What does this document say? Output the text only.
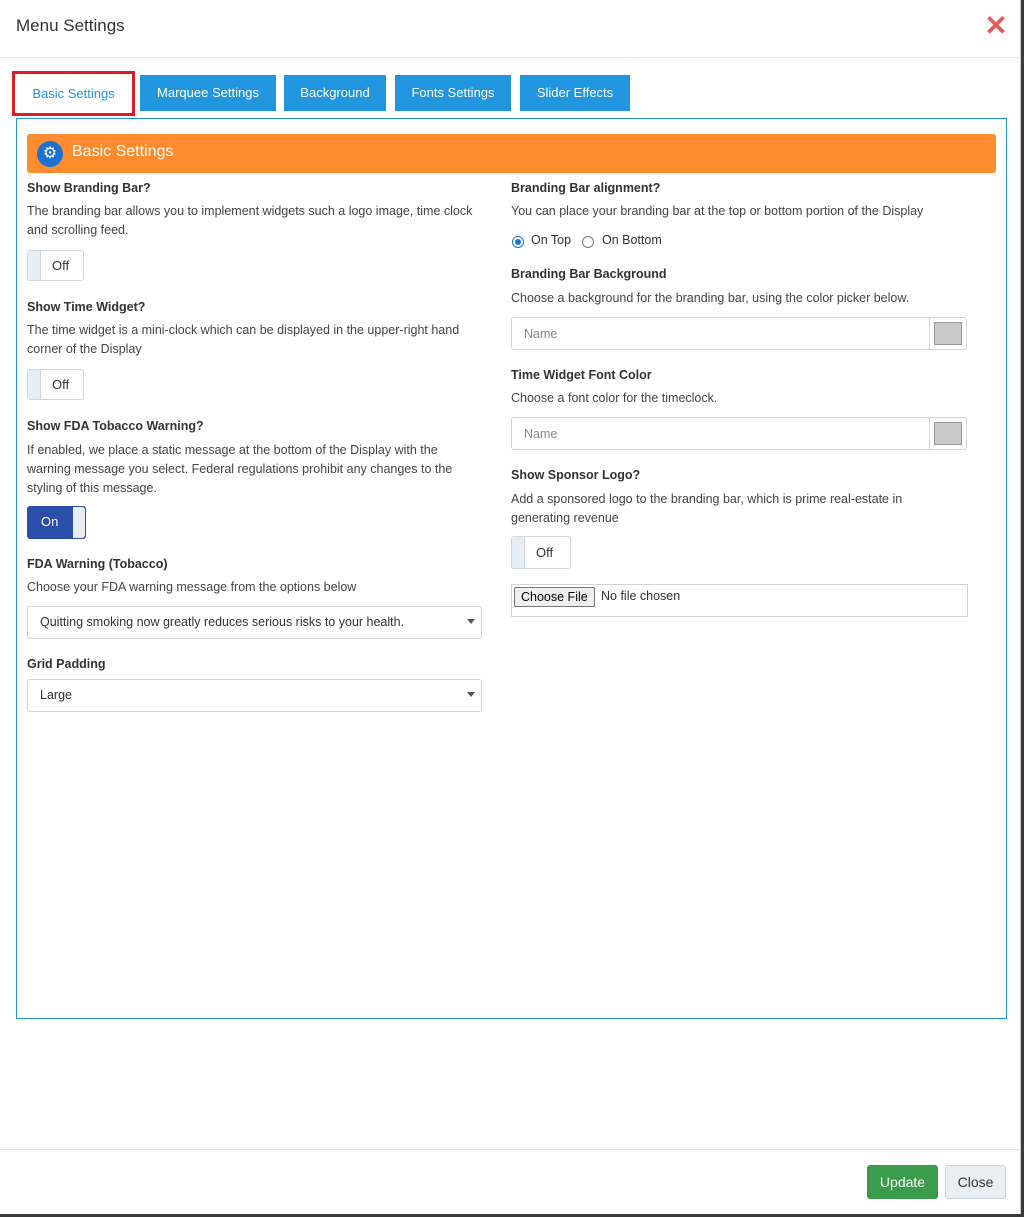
Menu Settings	✕
Basic Settings	Marquee Settings	Background	Fonts Settings	Slider Effects
⚙ Basic Settings
Show Branding Bar?
The branding bar allows you to implement widgets such a logo image, time clock and scrolling feed.
Off
Show Time Widget?
The time widget is a mini-clock which can be displayed in the upper-right hand corner of the Display
Off
Show FDA Tobacco Warning?
If enabled, we place a static message at the bottom of the Display with the warning message you select. Federal regulations prohibit any changes to the styling of this message.
On
FDA Warning (Tobacco)
Choose your FDA warning message from the options below
Quitting smoking now greatly reduces serious risks to your health.
Grid Padding
Large
Branding Bar alignment?
You can place your branding bar at the top or bottom portion of the Display
On Top On Bottom
Branding Bar Background
Choose a background for the branding bar, using the color picker below.
Name
Time Widget Font Color
Choose a font color for the timeclock.
Name
Show Sponsor Logo?
Add a sponsored logo to the branding bar, which is prime real-estate in generating revenue
Off
Choose File	No file chosen
Update	Close
